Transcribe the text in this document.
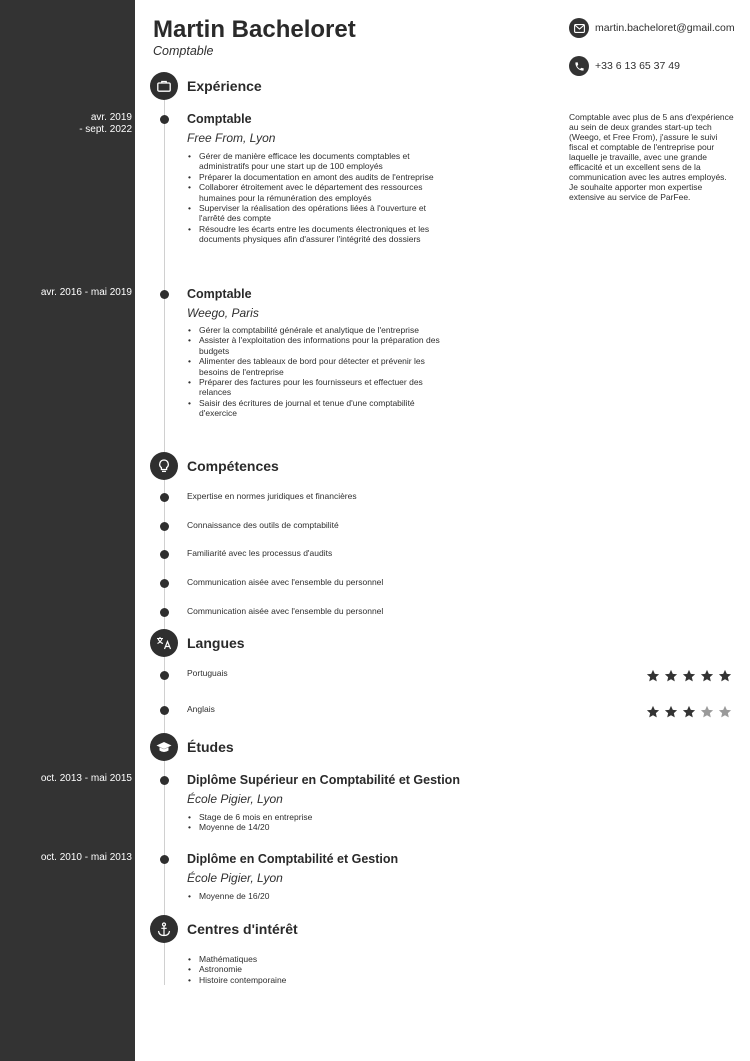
avr. 2019
- sept. 2022
avr. 2016 - mai 2019
oct. 2013 - mai 2015
oct. 2010 - mai 2013
Martin Bacheloret
Comptable
martin.bacheloret@gmail.com
+33 6 13 65 37 49
Comptable avec plus de 5 ans d'expérience au sein de deux grandes start-up tech (Weego, et Free From), j'assure le suivi fiscal et comptable de l'entreprise pour laquelle je travaille, avec une grande efficacité et un excellent sens de la communication avec les autres employés. Je souhaite apporter mon expertise extensive au service de ParFee.
Expérience
Comptable
Free From, Lyon
• Gérer de manière efficace les documents comptables et administratifs pour une start up de 100 employés
• Préparer la documentation en amont des audits de l'entreprise
• Collaborer étroitement avec le département des ressources humaines pour la rémunération des employés
• Superviser la réalisation des opérations liées à l'ouverture et l'arrêté des compte
• Résoudre les écarts entre les documents électroniques et les documents physiques afin d'assurer l'intégrité des dossiers
Comptable
Weego, Paris
• Gérer la comptabilité générale et analytique de l'entreprise
• Assister à l'exploitation des informations pour la préparation des budgets
• Alimenter des tableaux de bord pour détecter et prévenir les besoins de l'entreprise
• Préparer des factures pour les fournisseurs et effectuer des relances
• Saisir des écritures de journal et tenue d'une comptabilité d'exercice
Compétences
Expertise en normes juridiques et financières
Connaissance des outils de comptabilité
Familiarité avec les processus d'audits
Communication aisée avec l'ensemble du personnel
Communication aisée avec l'ensemble du personnel
Langues
Portuguais
Anglais
Études
Diplôme Supérieur en Comptabilité et Gestion
École Pigier, Lyon
• Stage de 6 mois en entreprise
• Moyenne de 14/20
Diplôme en Comptabilité et Gestion
École Pigier, Lyon
• Moyenne de 16/20
Centres d'intérêt
• Mathématiques
• Astronomie
• Histoire contemporaine
